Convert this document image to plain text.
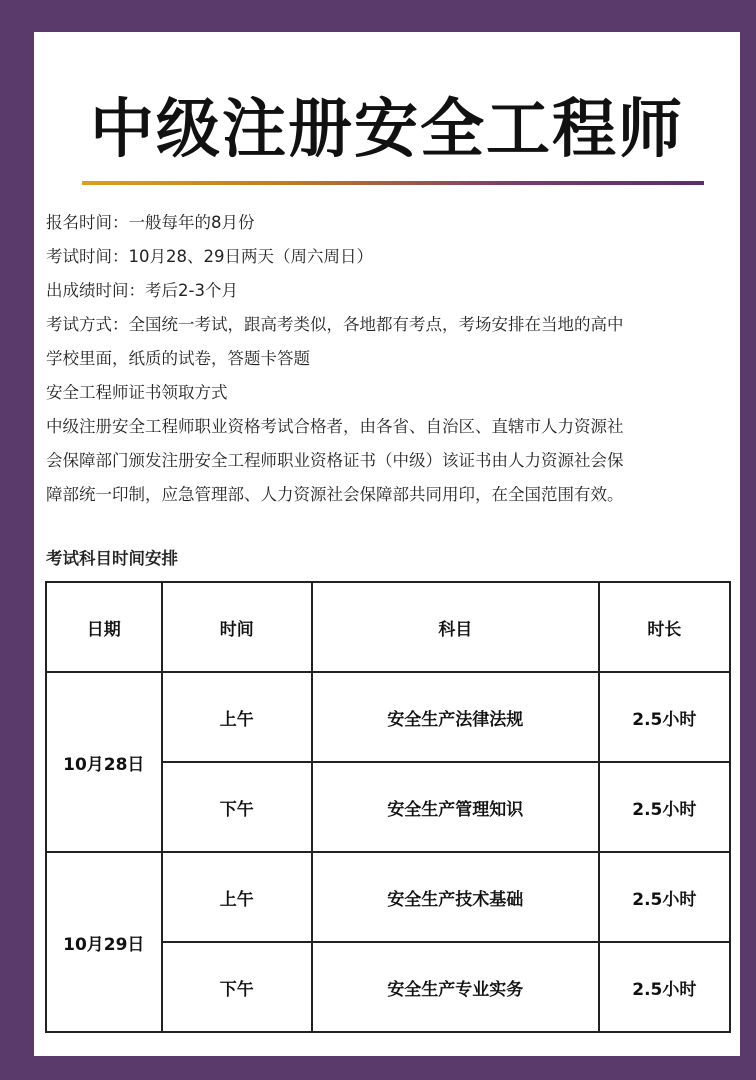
中级注册安全工程师
报名时间：一般每年的8月份
考试时间：10月28、29日两天（周六周日）
出成绩时间：考后2-3个月
考试方式：全国统一考试，跟高考类似，各地都有考点，考场安排在当地的高中
学校里面，纸质的试卷，答题卡答题
安全工程师证书领取方式
中级注册安全工程师职业资格考试合格者，由各省、自治区、直辖市人力资源社
会保障部门颁发注册安全工程师职业资格证书（中级）该证书由人力资源社会保
障部统一印制，应急管理部、人力资源社会保障部共同用印，在全国范围有效。
考试科目时间安排
日期	时间	科目	时长
10月28日	上午	安全生产法律法规	2.5小时
	下午	安全生产管理知识	2.5小时
10月29日	上午	安全生产技术基础	2.5小时
	下午	安全生产专业实务	2.5小时
